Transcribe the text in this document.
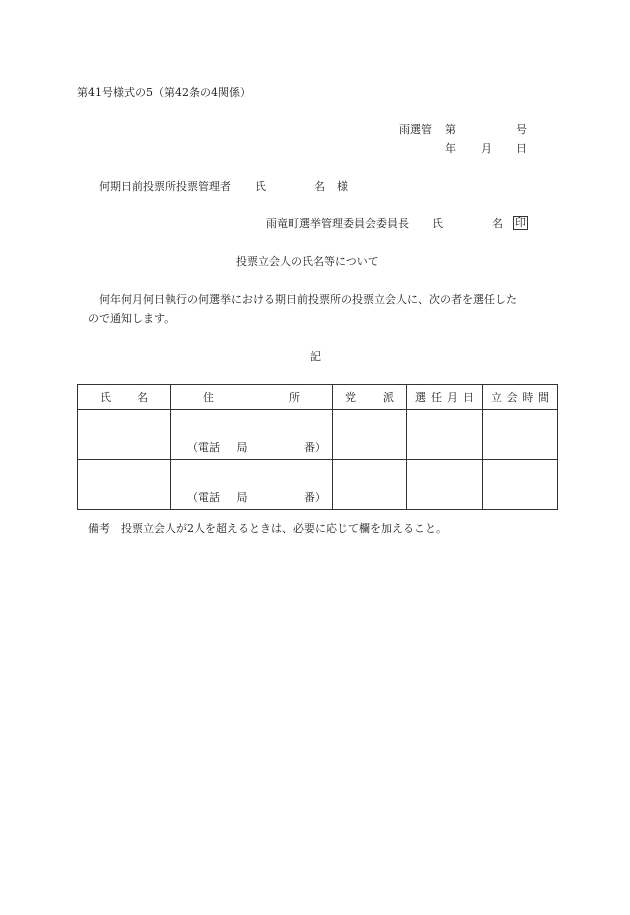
第41号様式の5（第42条の4関係）
雨選管 第	号
年 月 日
何期日前投票所投票管理者 氏	名 様
雨竜町選挙管理委員会委員長 氏	名	印
投票立会人の氏名等について
何年何月何日執行の何選挙における期日前投票所の投票立会人に、次の者を選任した
ので通知します。
記
氏 名	住 所	党 派	選 任 月 日	立 会 時 間

	（電話 局 番）			

	（電話 局 番）			

備考　投票立会人が2人を超えるときは、必要に応じて欄を加えること。
